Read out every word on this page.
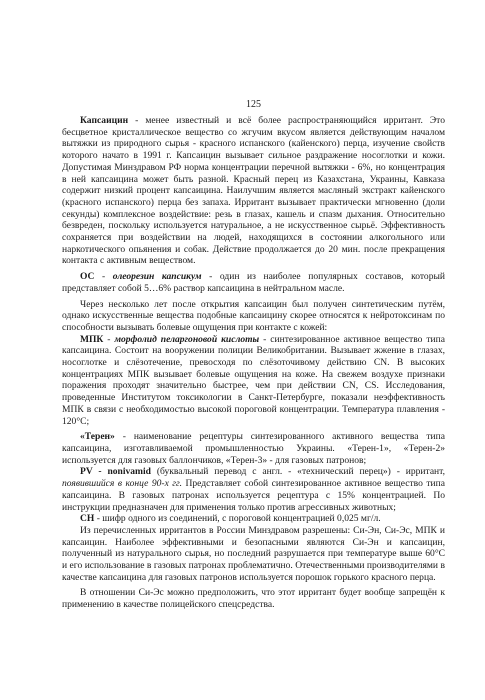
125

Капсаицин - менее известный и всё более распространяющийся ирритант. Это бесцветное кристаллическое вещество со жгучим вкусом является действующим началом вытяжки из природного сырья - красного испанского (кайенского) перца, изучение свойств которого начато в 1991 г. Капсаицин вызывает сильное раздражение носоглотки и кожи. Допустимая Минздравом РФ норма концентрации перечной вытяжки - 6%, но концентрация в ней капсаицина может быть разной. Красный перец из Казахстана, Украины, Кавказа содержит низкий процент капсаицина. Наилучшим является масляный экстракт кайенского (красного испанского) перца без запаха. Ирритант вызывает практически мгновенно (доли секунды) комплексное воздействие: резь в глазах, кашель и спазм дыхания. Относительно безвреден, поскольку используется натуральное, а не искусственное сырьё. Эффективность сохраняется при воздействии на людей, находящихся в состоянии алкогольного или наркотического опьянения и собак. Действие продолжается до 20 мин. после прекращения контакта с активным веществом.

ОС - олеорезин капсикум - один из наиболее популярных составов, который представляет собой 5…6% раствор капсаицина в нейтральном масле.

Через несколько лет после открытия капсаицин был получен синтетическим путём, однако искусственные вещества подобные капсаицину скорее относятся к нейротоксинам по способности вызывать болевые ощущения при контакте с кожей:

МПК - морфолид пеларгоновой кислоты - синтезированное активное вещество типа капсаицина. Состоит на вооружении полиции Великобритании. Вызывает жжение в глазах, носоглотке и слёзотечение, превосходя по слёзоточивому действию CN. В высоких концентрациях МПК вызывает болевые ощущения на коже. На свежем воздухе признаки поражения проходят значительно быстрее, чем при действии CN, CS. Исследования, проведенные Институтом токсикологии в Санкт-Петербурге, показали неэффективность МПК в связи с необходимостью высокой пороговой концентрации. Температура плавления - 120°С;

«Терен» - наименование рецептуры синтезированного активного вещества типа капсаицина, изготавливаемой промышленностью Украины. «Терен-1», «Терен-2» используется для газовых баллончиков, «Терен-3» - для газовых патронов;

PV - nonivamid (буквальный перевод с англ. - «технический перец») - ирритант, появившийся в конце 90-х гг. Представляет собой синтезированное активное вещество типа капсаицина. В газовых патронах используется рецептура с 15% концентрацией. По инструкции предназначен для применения только против агрессивных животных;

СН - шифр одного из соединений, с пороговой концентрацией 0,025 мг/л.

Из перечисленных ирритантов в России Минздравом разрешены: Си-Эн, Си-Эс, МПК и капсаицин. Наиболее эффективными и безопасными являются Си-Эн и капсаицин, полученный из натурального сырья, но последний разрушается при температуре выше 60°С и его использование в газовых патронах проблематично. Отечественными производителями в качестве капсаицина для газовых патронов используется порошок горького красного перца.

В отношении Си-Эс можно предположить, что этот ирритант будет вообще запрещён к применению в качестве полицейского спецсредства.
